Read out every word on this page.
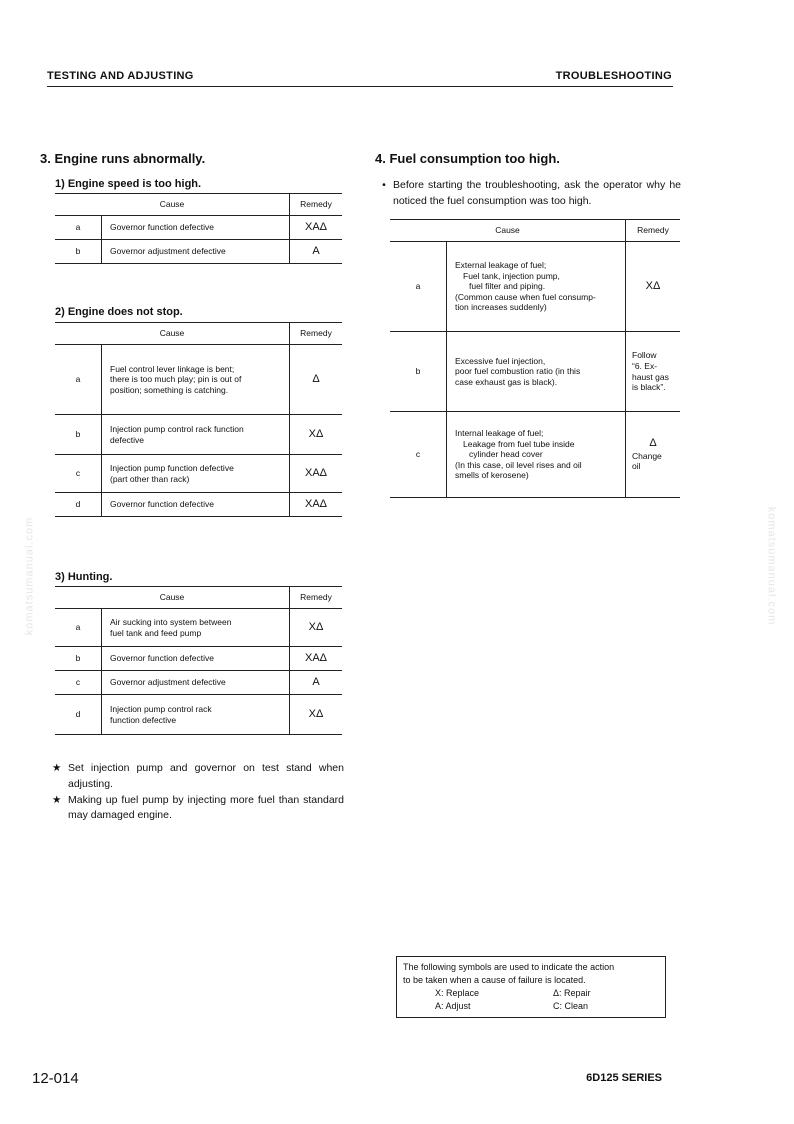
TESTING AND ADJUSTING	TROUBLESHOOTING
komatsumanual.com	komatsumanual.com
3. Engine runs abnormally.
1) Engine speed is too high.
Cause		Remedy
a	Governor function defective	XAΔ
b	Governor adjustment defective	A
2) Engine does not stop.
Cause		Remedy
a	Fuel control lever linkage is bent;
there is too much play; pin is out of
position; something is catching.	Δ
b	Injection pump control rack function
defective	XΔ
c	Injection pump function defective
(part other than rack)	XAΔ
d	Governor function defective	XAΔ
3) Hunting.
Cause		Remedy
a	Air sucking into system between
fuel tank and feed pump	XΔ
b	Governor function defective	XAΔ
c	Governor adjustment defective	A
d	Injection pump control rack
function defective	XΔ
★ Set injection pump and governor on test stand when adjusting.
★ Making up fuel pump by injecting more fuel than standard may damaged engine.
4. Fuel consumption too high.
• Before starting the troubleshooting, ask the operator why he noticed the fuel consumption was too high.
Cause		Remedy
a	External leakage of fuel;
Fuel tank, injection pump,
fuel filter and piping.
(Common cause when fuel consump-
tion increases suddenly)	XΔ
b	Excessive fuel injection,
poor fuel combustion ratio (in this
case exhaust gas is black).	Follow
“6. Ex-
haust gas
is black”.

c	Internal leakage of fuel;
Leakage from fuel tube inside
cylinder head cover
(In this case, oil level rises and oil
smells of kerosene)	Δ
Change
oil
The following symbols are used to indicate the action
to be taken when a cause of failure is located.
X: Replace	Δ: Repair
A: Adjust	C: Clean
12-014	6D125 SERIES
